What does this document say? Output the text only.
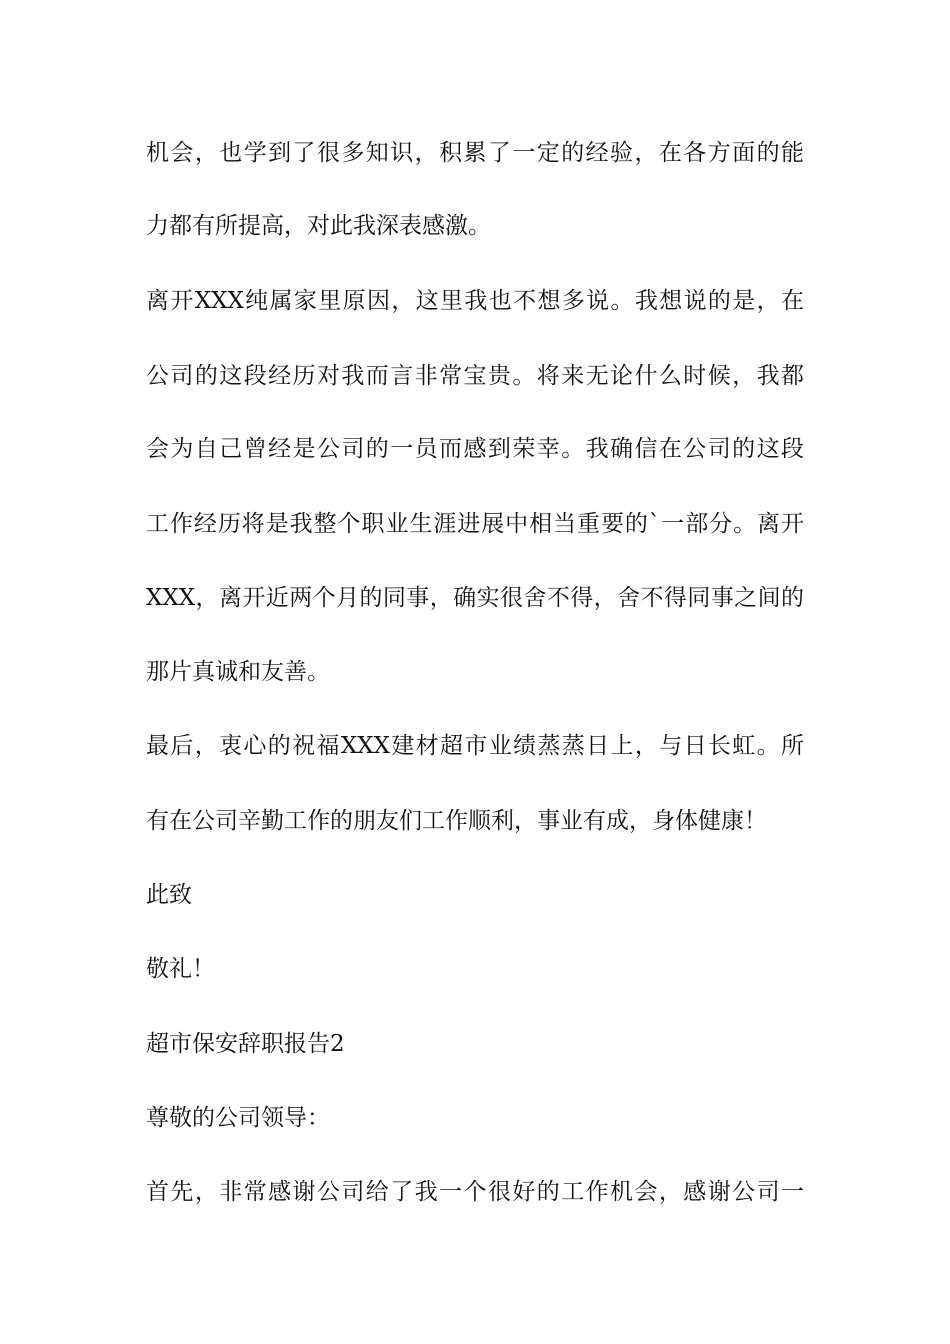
机会，也学到了很多知识，积累了一定的经验，在各方面的能
力都有所提高，对此我深表感激。
离开XXX纯属家里原因，这里我也不想多说。我想说的是，在
公司的这段经历对我而言非常宝贵。将来无论什么时候，我都
会为自己曾经是公司的一员而感到荣幸。我确信在公司的这段
工作经历将是我整个职业生涯进展中相当重要的`一部分。离开
XXX，离开近两个月的同事，确实很舍不得，舍不得同事之间的
那片真诚和友善。
最后，衷心的祝福XXX建材超市业绩蒸蒸日上，与日长虹。所
有在公司辛勤工作的朋友们工作顺利，事业有成，身体健康！
此致
敬礼！
超市保安辞职报告2
尊敬的公司领导：
首先，非常感谢公司给了我一个很好的工作机会，感谢公司一
